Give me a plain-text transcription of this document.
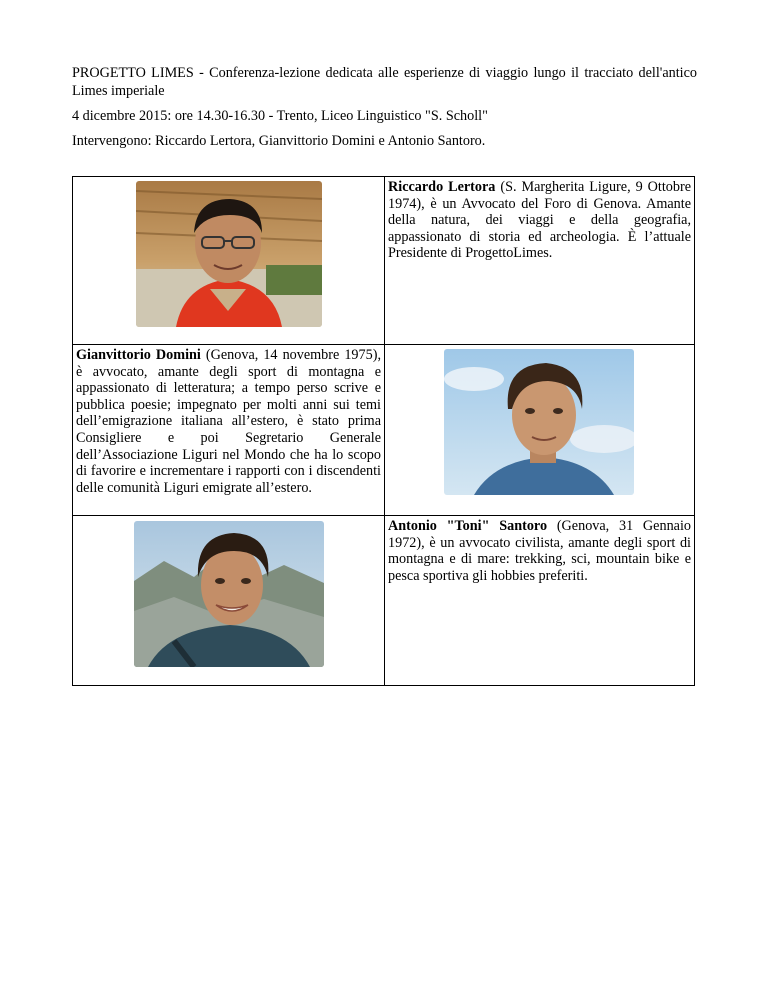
PROGETTO LIMES - Conferenza-lezione dedicata alle esperienze di viaggio lungo il tracciato dell'antico Limes imperiale

4 dicembre 2015: ore 14.30-16.30 - Trento, Liceo Linguistico "S. Scholl"

Intervengono: Riccardo Lertora, Gianvittorio Domini e Antonio Santoro.

Riccardo Lertora (S. Margherita Ligure, 9 Ottobre 1974), è un Avvocato del Foro di Genova. Amante della natura, dei viaggi e della geografia, appassionato di storia ed archeologia. È l’attuale Presidente di ProgettoLimes.

Gianvittorio Domini (Genova, 14 novembre 1975), è avvocato, amante degli sport di montagna e appassionato di letteratura; a tempo perso scrive e pubblica poesie; impegnato per molti anni sui temi dell’emigrazione italiana all’estero, è stato prima Consigliere e poi Segretario Generale dell’Associazione Liguri nel Mondo che ha lo scopo di favorire e incrementare i rapporti con i discendenti delle comunità Liguri emigrate all’estero.

Antonio "Toni" Santoro (Genova, 31 Gennaio 1972), è un avvocato civilista, amante degli sport di montagna e di mare: trekking, sci, mountain bike e pesca sportiva gli hobbies preferiti.
